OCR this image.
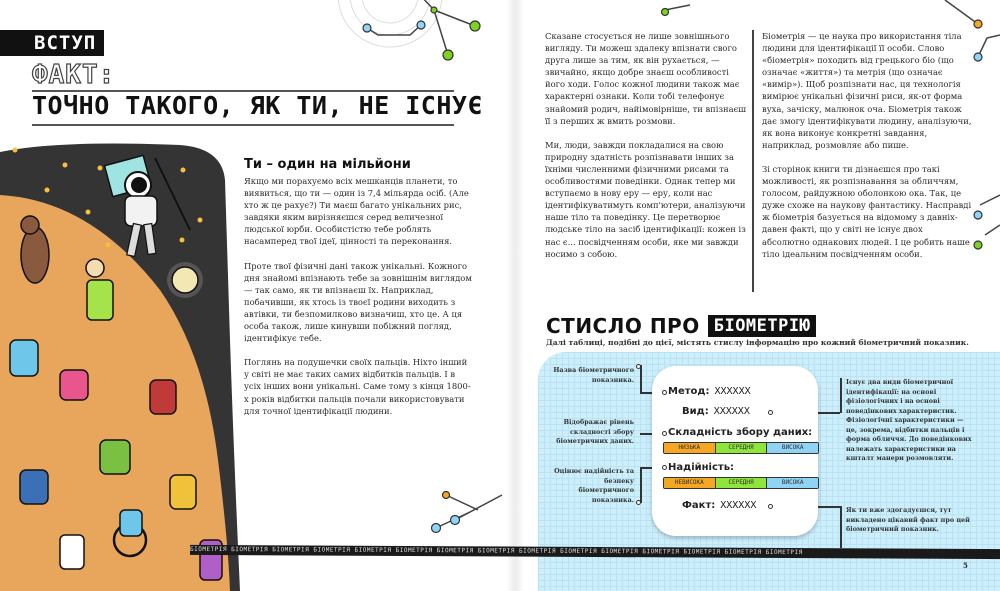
ВСТУП
ФАКТ:
ТОЧНО ТАКОГО, ЯК ТИ, НЕ ІСНУЄ
Ти – один на мільйони

Якщо ми порахуємо всіх мешканців планети, то виявиться, що ти — один із 7,4 мільярда осіб. (Але хто ж це рахує?) Ти маєш багато унікальних рис, завдяки яким вирізняєшся серед величезної людської юрби. Особистістю тебе роблять насамперед твої ідеї, цінності та переконання.

Проте твої фізичні дані також унікальні. Кожного дня знайомі впізнають тебе за зовнішнім виглядом — так само, як ти впізнаєш їх. Наприклад, побачивши, як хтось із твоєї родини виходить з автівки, ти безпомилково визначиш, хто це. А ця особа також, лише кинувши побіжний погляд, ідентифікує тебе.

Поглянь на подушечки своїх пальців. Ніхто інший у світі не має таких самих відбитків пальців. І в усіх інших вони унікальні. Саме тому з кінця 1800-х років відбитки пальців почали використовувати для точної ідентифікації людини.

Сказане стосується не лише зовнішнього вигляду. Ти можеш здалеку впізнати свого друга лише за тим, як він рухається, — звичайно, якщо добре знаєш особливості його ходи. Голос кожної людини також має характерні ознаки. Коли тобі телефонує знайомий родич, найімовірніше, ти впізнаєш її з перших ж вмить розмови.

Ми, люди, завжди покладалися на свою природну здатність розпізнавати інших за їхніми численними фізичними рисами та особливостями поведінки. Однак тепер ми вступаємо в нову еру — еру, коли нас ідентифікуватимуть комп'ютери, аналізуючи наше тіло та поведінку. Це перетворює людське тіло на засіб ідентифікації: кожен із нас є... посвідченням особи, яке ми завжди носимо з собою.

Біометрія — це наука про використання тіла людини для ідентифікації її особи. Слово «біометрія» походить від грецького біо (що означає «життя») та метрія (що означає «вимір»). Щоб розпізнати нас, ця технологія вимірює унікальні фізичні риси, як-от форма вуха, зачіску, малюнок оча. Біометрія також дає змогу ідентифікувати людину, аналізуючи, як вона виконує конкретні завдання, наприклад, розмовляє або пише.

Зі сторінок книги ти дізнаєшся про такі можливості, як розпізнавання за обличчям, голосом, райдужною оболонкою ока. Так, це дуже схоже на наукову фантастику. Насправді ж біометрія базується на відомому з давніх-давен факті, що у світі не існує двох абсолютно однакових людей. І це робить наше тіло ідеальним посвідченням особи.

СТИСЛО ПРО БІОМЕТРІЮ
Далі таблиці, подібні до цієї, містять стислу інформацію про кожний біометричний показник.
Назва біометричного показника.
Відображає рівень складності збору біометричних даних.
Оцінює надійність та безпеку біометричного показника.
Існує два види біометричної ідентифікації: на основі фізіологічних і на основі поведінкових характеристик. Фізіологічні характеристики — це, зокрема, відбитки пальців і форма обличчя. До поведінкових належать характеристики на кшталт манери розмовляти.
Як ти вже здогадуєшся, тут викладено цікавий факт про цей біометричний показник.
Метод: XXXXXX
Вид: XXXXXX
Складність збору даних:
НИЗЬКА	СЕРЕДНЯ	ВИСОКА
Надійність:
НЕВИСОКА	СЕРЕДНЯ	ВИСОКА
Факт: XXXXXX
БІОМЕТРІЯ БІОМЕТРІЯ БІОМЕТРІЯ БІОМЕТРІЯ БІОМЕТРІЯ БІОМЕТРІЯ БІОМЕТРІЯ БІОМЕТРІЯ БІОМЕТРІЯ БІОМЕТРІЯ БІОМЕТРІЯ БІОМЕТРІЯ БІОМЕТРІЯ БІОМЕТРІЯ БІОМЕТРІЯ
5
